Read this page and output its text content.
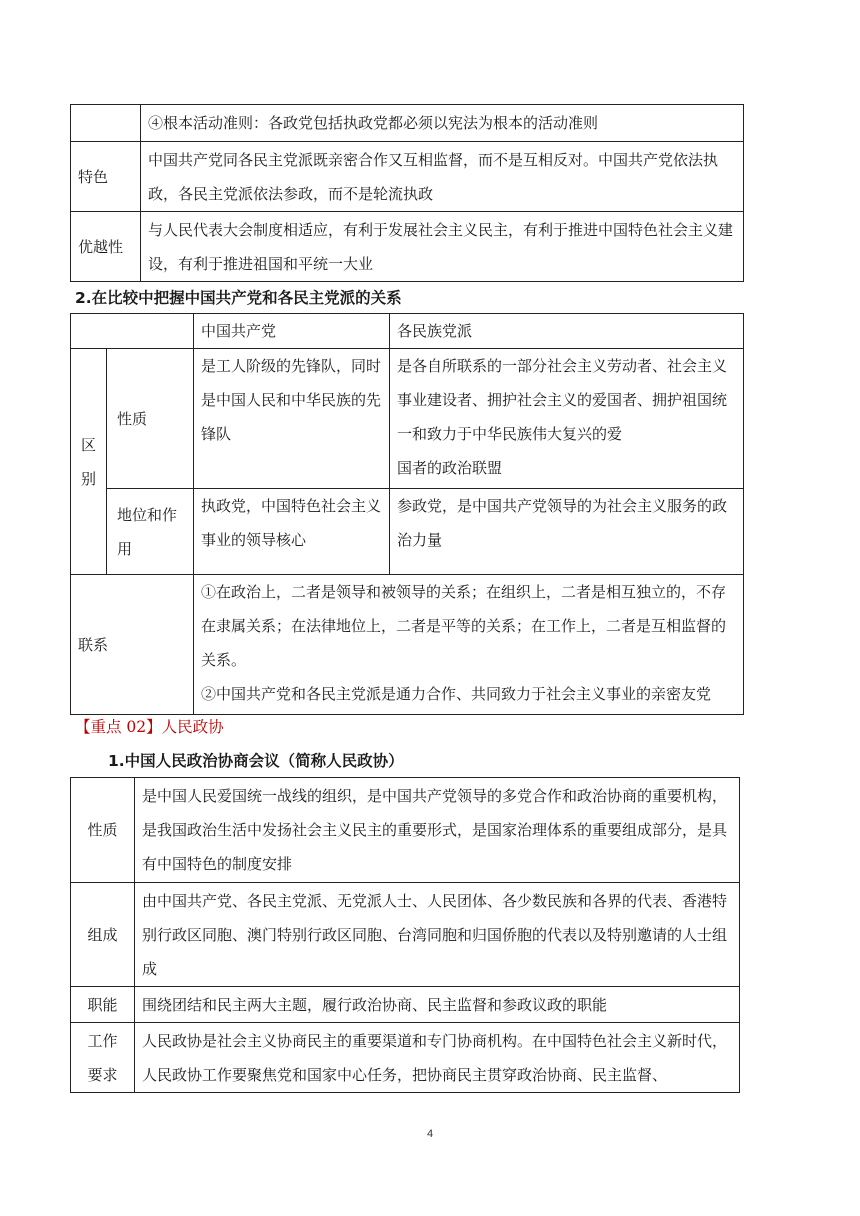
	④根本活动准则：各政党包括执政党都必须以宪法为根本的活动准则
特色	中国共产党同各民主党派既亲密合作又互相监督，而不是互相反对。中国共产党依法执政，各民主党派依法参政，而不是轮流执政
优越性	与人民代表大会制度相适应，有利于发展社会主义民主，有利于推进中国特色社会主义建设，有利于推进祖国和平统一大业
2.在比较中把握中国共产党和各民主党派的关系
		中国共产党	各民族党派
区别	性质	是工人阶级的先锋队，同时是中国人民和中华民族的先锋队	是各自所联系的一部分社会主义劳动者、社会主义事业建设者、拥护社会主义的爱国者、拥护祖国统一和致力于中华民族伟大复兴的爱
国者的政治联盟

	地位和作用	执政党，中国特色社会主义事业的领导核心	参政党，是中国共产党领导的为社会主义服务的政治力量
联系		①在政治上，二者是领导和被领导的关系；在组织上，二者是相互独立的，不存在隶属关系；在法律地位上，二者是平等的关系；在工作上，二者是互相监督的关系。
②中国共产党和各民主党派是通力合作、共同致力于社会主义事业的亲密友党	
【重点 02】人民政协
1.中国人民政治协商会议（简称人民政协）
性质	是中国人民爱国统一战线的组织，是中国共产党领导的多党合作和政治协商的重要机构，是我国政治生活中发扬社会主义民主的重要形式，是国家治理体系的重要组成部分，是具有中国特色的制度安排
组成	由中国共产党、各民主党派、无党派人士、人民团体、各少数民族和各界的代表、香港特别行政区同胞、澳门特别行政区同胞、台湾同胞和归国侨胞的代表以及特别邀请的人士组成
职能	围绕团结和民主两大主题，履行政治协商、民主监督和参政议政的职能
工作要求	人民政协是社会主义协商民主的重要渠道和专门协商机构。在中国特色社会主义新时代，人民政协工作要聚焦党和国家中心任务，把协商民主贯穿政治协商、民主监督、
4
